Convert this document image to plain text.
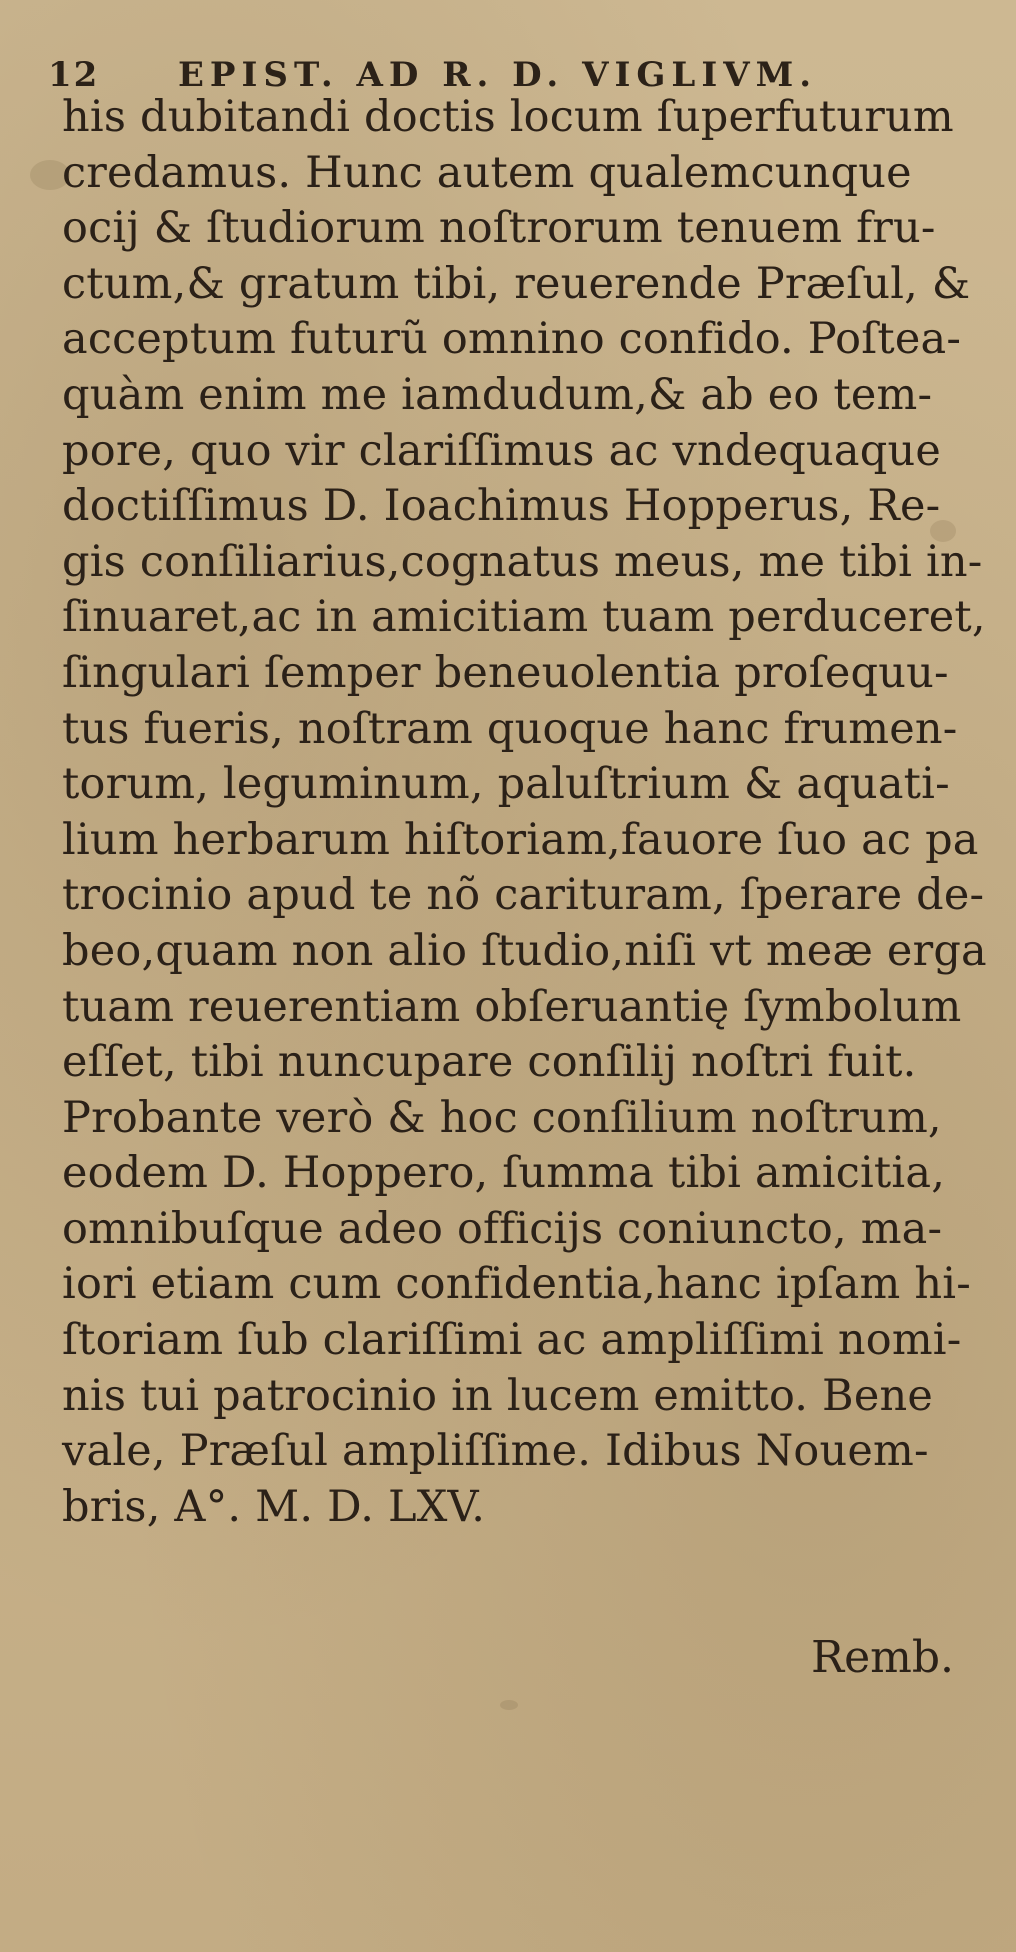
12	EPIST. AD R. D. VIGLIVM.
his dubitandi doctis locum ſuperfuturum
credamus. Hunc autem qualemcunque
ocij & ſtudiorum noſtrorum tenuem fru-
ctum,& gratum tibi, reuerende Præſul, &
acceptum futurũ omnino confido. Poſtea-
quàm enim me iamdudum,& ab eo tem-
pore, quo vir clariſſimus ac vndequaque
doctiſſimus D. Ioachimus Hopperus, Re-
gis conſiliarius,cognatus meus, me tibi in-
ſinuaret,ac in amicitiam tuam perduceret,
ſingulari ſemper beneuolentia proſequu-
tus fueris, noſtram quoque hanc frumen-
torum, leguminum, paluſtrium & aquati-
lium herbarum hiſtoriam,fauore ſuo ac pa
trocinio apud te nõ carituram, ſperare de-
beo,quam non alio ſtudio,niſi vt meæ erga
tuam reuerentiam obſeruantię ſymbolum
eſſet, tibi nuncupare conſilij noſtri fuit.
Probante verò & hoc conſilium noſtrum,
eodem D. Hoppero, ſumma tibi amicitia,
omnibuſque adeo officijs coniuncto, ma-
iori etiam cum confidentia,hanc ipſam hi-
ſtoriam ſub clariſſimi ac ampliſſimi nomi-
nis tui patrocinio in lucem emitto. Bene
vale, Præſul ampliſſime. Idibus Nouem-
bris, A°. M. D. LXV.
Remb.
